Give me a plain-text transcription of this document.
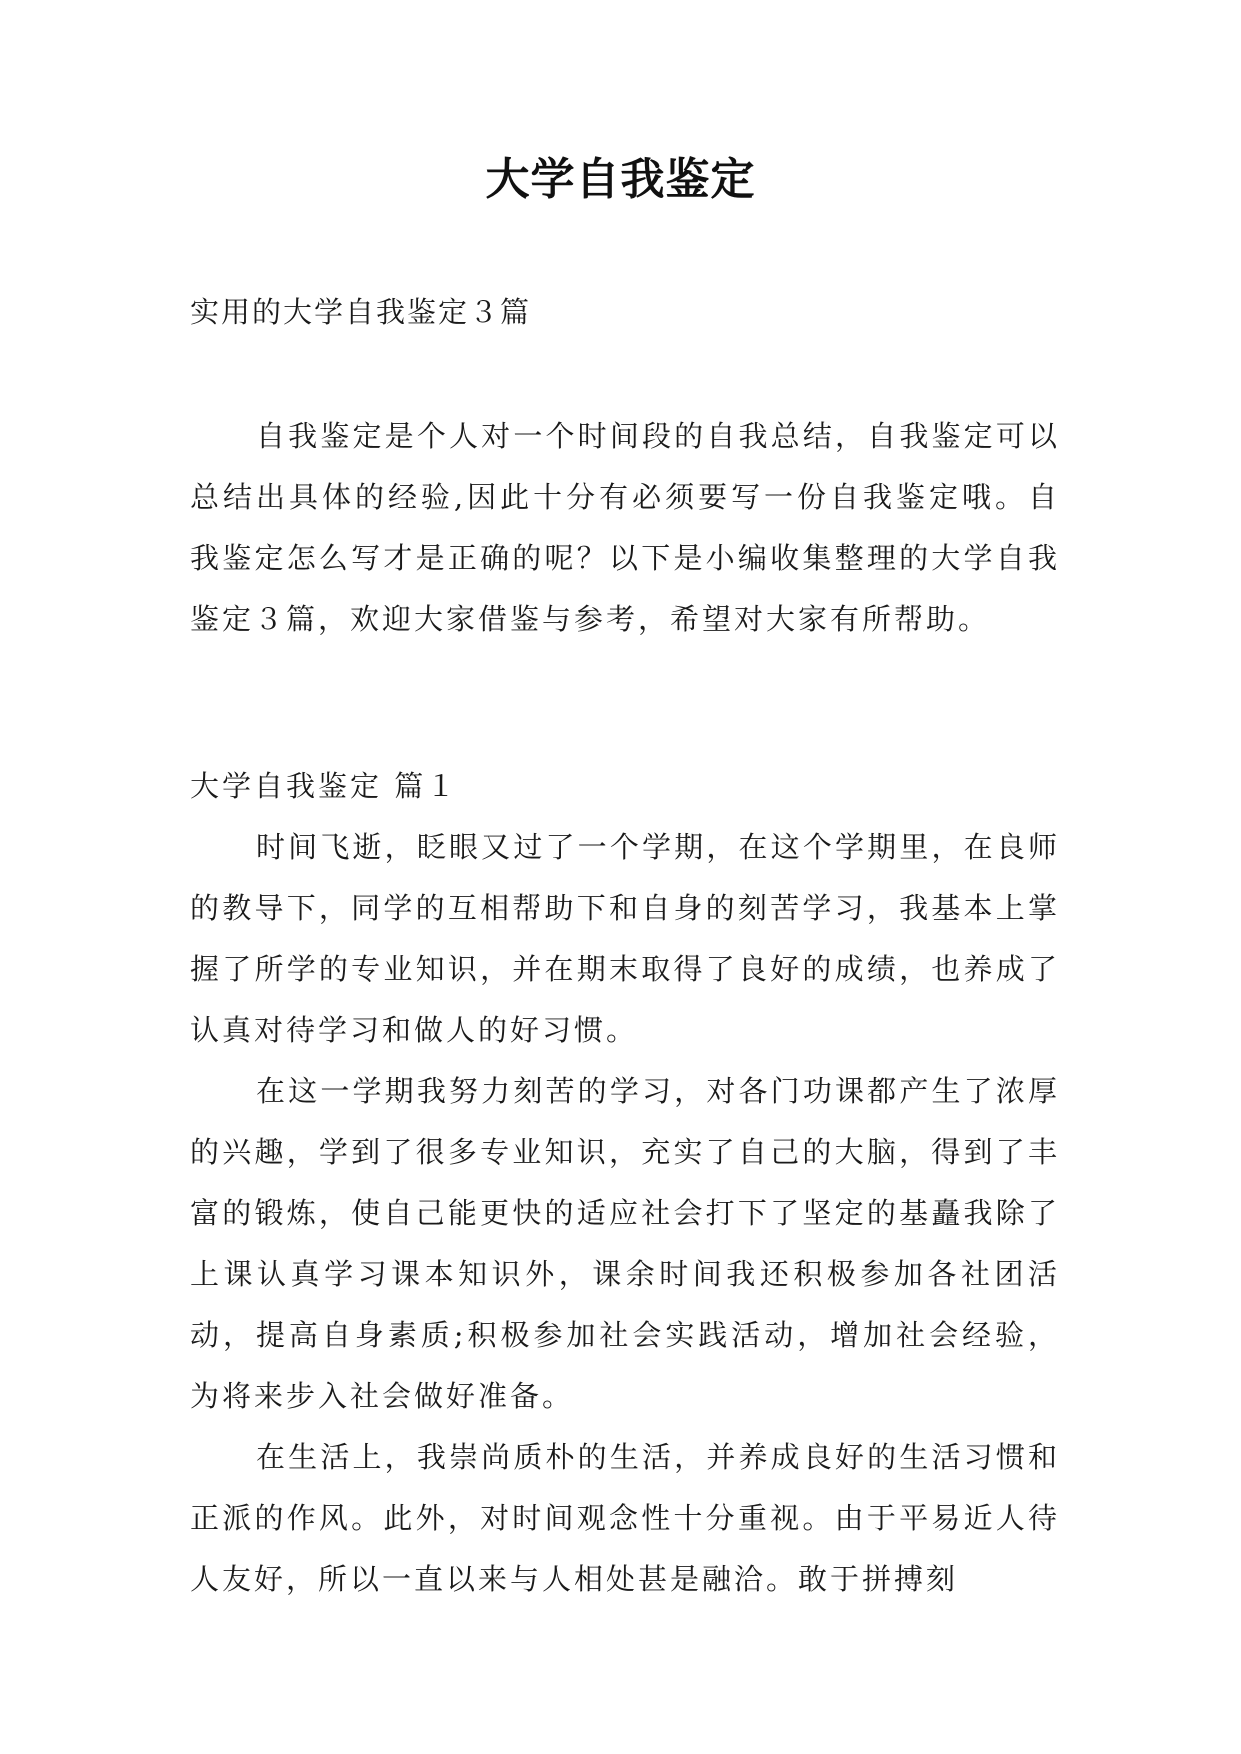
大学自我鉴定
实用的大学自我鉴定３篇

自我鉴定是个人对一个时间段的自我总结，自我鉴定可以总结出具体的经验,因此十分有必须要写一份自我鉴定哦。自我鉴定怎么写才是正确的呢？以下是小编收集整理的大学自我鉴定３篇，欢迎大家借鉴与参考，希望对大家有所帮助。

大学自我鉴定 篇１

时间飞逝，眨眼又过了一个学期，在这个学期里，在良师的教导下，同学的互相帮助下和自身的刻苦学习，我基本上掌握了所学的专业知识，并在期末取得了良好的成绩，也养成了认真对待学习和做人的好习惯。

在这一学期我努力刻苦的学习，对各门功课都产生了浓厚的兴趣，学到了很多专业知识，充实了自己的大脑，得到了丰富的锻炼，使自己能更快的适应社会打下了坚定的基矗我除了上课认真学习课本知识外，课余时间我还积极参加各社团活动，提高自身素质;积极参加社会实践活动，增加社会经验，为将来步入社会做好准备。

在生活上，我崇尚质朴的生活，并养成良好的生活习惯和正派的作风。此外，对时间观念性十分重视。由于平易近人待人友好，所以一直以来与人相处甚是融洽。敢于拼搏刻
